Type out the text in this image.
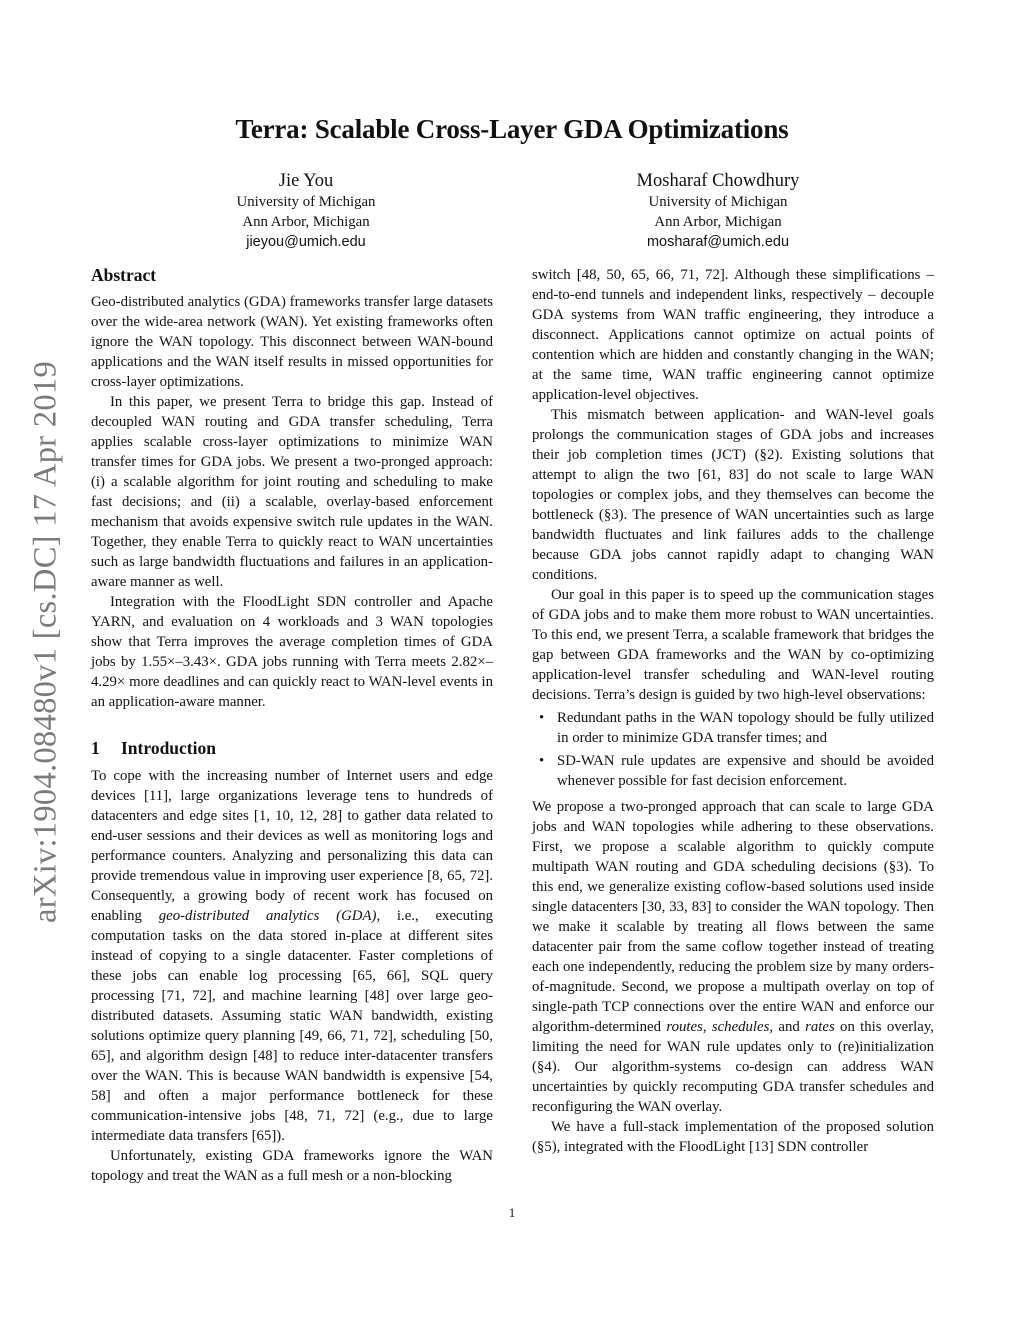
arXiv:1904.08480v1 [cs.DC] 17 Apr 2019
Terra: Scalable Cross-Layer GDA Optimizations
Jie You
University of Michigan
Ann Arbor, Michigan
jieyou@umich.edu
Mosharaf Chowdhury
University of Michigan
Ann Arbor, Michigan
mosharaf@umich.edu
Abstract

Geo-distributed analytics (GDA) frameworks transfer large datasets over the wide-area network (WAN). Yet existing frameworks often ignore the WAN topology. This disconnect between WAN-bound applications and the WAN itself results in missed opportunities for cross-layer optimizations.

In this paper, we present Terra to bridge this gap. Instead of decoupled WAN routing and GDA transfer scheduling, Terra applies scalable cross-layer optimizations to minimize WAN transfer times for GDA jobs. We present a two-pronged approach: (i) a scalable algorithm for joint routing and scheduling to make fast decisions; and (ii) a scalable, overlay-based enforcement mechanism that avoids expensive switch rule updates in the WAN. Together, they enable Terra to quickly react to WAN uncertainties such as large bandwidth fluctuations and failures in an application-aware manner as well.

Integration with the FloodLight SDN controller and Apache YARN, and evaluation on 4 workloads and 3 WAN topologies show that Terra improves the average completion times of GDA jobs by 1.55×–3.43×. GDA jobs running with Terra meets 2.82×–4.29× more deadlines and can quickly react to WAN-level events in an application-aware manner.

1 Introduction

To cope with the increasing number of Internet users and edge devices [11], large organizations leverage tens to hundreds of datacenters and edge sites [1, 10, 12, 28] to gather data related to end-user sessions and their devices as well as monitoring logs and performance counters. Analyzing and personalizing this data can provide tremendous value in improving user experience [8, 65, 72]. Consequently, a growing body of recent work has focused on enabling geo-distributed analytics (GDA), i.e., executing computation tasks on the data stored in-place at different sites instead of copying to a single datacenter. Faster completions of these jobs can enable log processing [65, 66], SQL query processing [71, 72], and machine learning [48] over large geo-distributed datasets. Assuming static WAN bandwidth, existing solutions optimize query planning [49, 66, 71, 72], scheduling [50, 65], and algorithm design [48] to reduce inter-datacenter transfers over the WAN. This is because WAN bandwidth is expensive [54, 58] and often a major performance bottleneck for these communication-intensive jobs [48, 71, 72] (e.g., due to large intermediate data transfers [65]).

Unfortunately, existing GDA frameworks ignore the WAN topology and treat the WAN as a full mesh or a non-blocking

switch [48, 50, 65, 66, 71, 72]. Although these simplifications – end-to-end tunnels and independent links, respectively – decouple GDA systems from WAN traffic engineering, they introduce a disconnect. Applications cannot optimize on actual points of contention which are hidden and constantly changing in the WAN; at the same time, WAN traffic engineering cannot optimize application-level objectives.

This mismatch between application- and WAN-level goals prolongs the communication stages of GDA jobs and increases their job completion times (JCT) (§2). Existing solutions that attempt to align the two [61, 83] do not scale to large WAN topologies or complex jobs, and they themselves can become the bottleneck (§3). The presence of WAN uncertainties such as large bandwidth fluctuates and link failures adds to the challenge because GDA jobs cannot rapidly adapt to changing WAN conditions.

Our goal in this paper is to speed up the communication stages of GDA jobs and to make them more robust to WAN uncertainties. To this end, we present Terra, a scalable framework that bridges the gap between GDA frameworks and the WAN by co-optimizing application-level transfer scheduling and WAN-level routing decisions. Terra’s design is guided by two high-level observations:

• Redundant paths in the WAN topology should be fully utilized in order to minimize GDA transfer times; and
• SD-WAN rule updates are expensive and should be avoided whenever possible for fast decision enforcement.

We propose a two-pronged approach that can scale to large GDA jobs and WAN topologies while adhering to these observations. First, we propose a scalable algorithm to quickly compute multipath WAN routing and GDA scheduling decisions (§3). To this end, we generalize existing coflow-based solutions used inside single datacenters [30, 33, 83] to consider the WAN topology. Then we make it scalable by treating all flows between the same datacenter pair from the same coflow together instead of treating each one independently, reducing the problem size by many orders-of-magnitude. Second, we propose a multipath overlay on top of single-path TCP connections over the entire WAN and enforce our algorithm-determined routes, schedules, and rates on this overlay, limiting the need for WAN rule updates only to (re)initialization (§4). Our algorithm-systems co-design can address WAN uncertainties by quickly recomputing GDA transfer schedules and reconfiguring the WAN overlay.

We have a full-stack implementation of the proposed solution (§5), integrated with the FloodLight [13] SDN controller

1
